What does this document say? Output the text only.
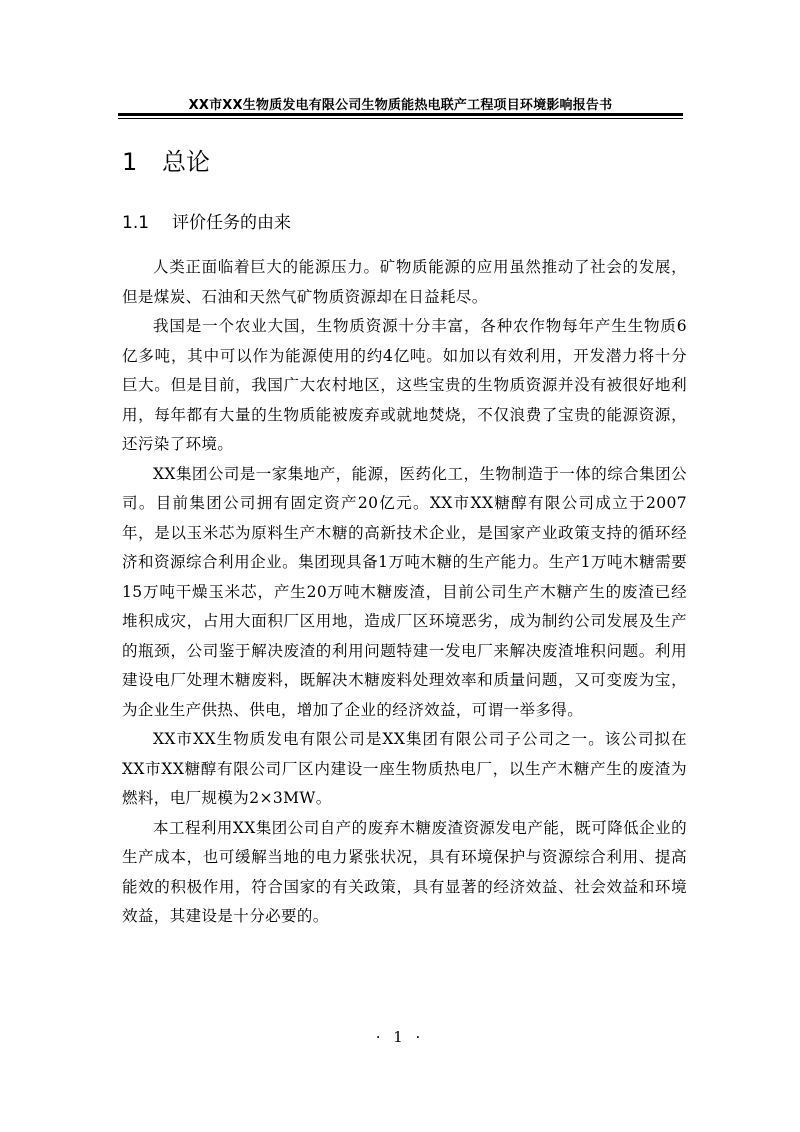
XX市XX生物质发电有限公司生物质能热电联产工程项目环境影响报告书
1 总论
1.1 评价任务的由来

人类正面临着巨大的能源压力。矿物质能源的应用虽然推动了社会的发展，但是煤炭、石油和天然气矿物质资源却在日益耗尽。

我国是一个农业大国，生物质资源十分丰富，各种农作物每年产生生物质6亿多吨，其中可以作为能源使用的约4亿吨。如加以有效利用，开发潜力将十分巨大。但是目前，我国广大农村地区，这些宝贵的生物质资源并没有被很好地利用，每年都有大量的生物质能被废弃或就地焚烧，不仅浪费了宝贵的能源资源，还污染了环境。

XX集团公司是一家集地产，能源，医药化工，生物制造于一体的综合集团公司。目前集团公司拥有固定资产20亿元。XX市XX糖醇有限公司成立于2007年，是以玉米芯为原料生产木糖的高新技术企业，是国家产业政策支持的循环经济和资源综合利用企业。集团现具备1万吨木糖的生产能力。生产1万吨木糖需要15万吨干燥玉米芯，产生20万吨木糖废渣，目前公司生产木糖产生的废渣已经堆积成灾，占用大面积厂区用地，造成厂区环境恶劣，成为制约公司发展及生产的瓶颈，公司鉴于解决废渣的利用问题特建一发电厂来解决废渣堆积问题。利用建设电厂处理木糖废料，既解决木糖废料处理效率和质量问题，又可变废为宝，为企业生产供热、供电，增加了企业的经济效益，可谓一举多得。

XX市XX生物质发电有限公司是XX集团有限公司子公司之一。该公司拟在XX市XX糖醇有限公司厂区内建设一座生物质热电厂，以生产木糖产生的废渣为燃料，电厂规模为2×3MW。

本工程利用XX集团公司自产的废弃木糖废渣资源发电产能，既可降低企业的生产成本，也可缓解当地的电力紧张状况，具有环境保护与资源综合利用、提高能效的积极作用，符合国家的有关政策，具有显著的经济效益、社会效益和环境效益，其建设是十分必要的。

· 1 ·
